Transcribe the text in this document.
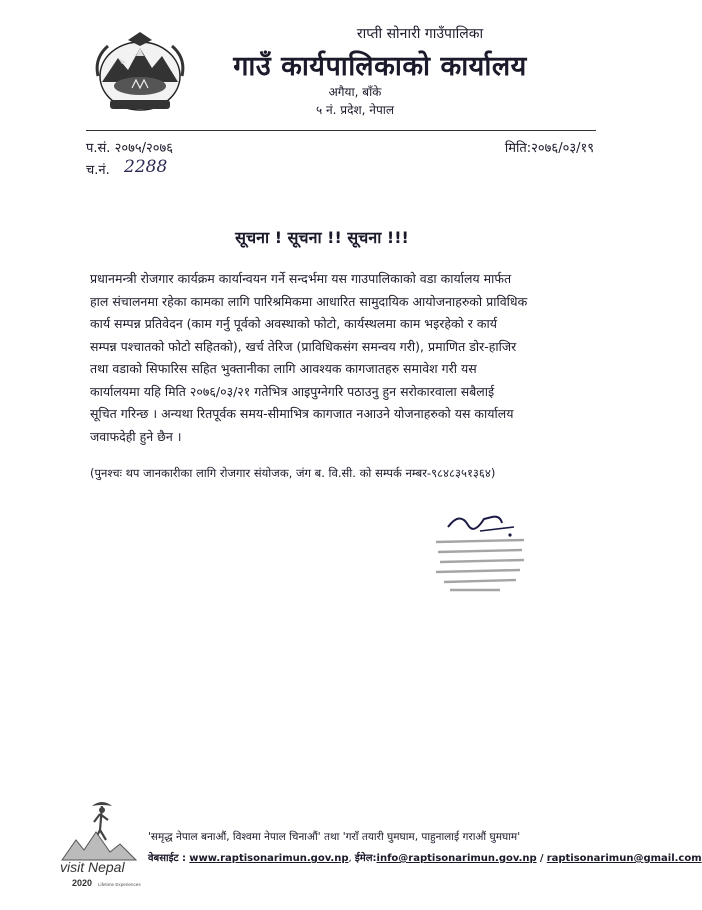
राप्ती सोनारी गाउँपालिका
गाउँ कार्यपालिकाको कार्यालय
अगैया, बाँके
५ नं. प्रदेश, नेपाल
प.सं. २०७५/२०७६	मिति:२०७६/०३/१९
च.नं. 2288
सूचना ! सूचना !! सूचना !!!
प्रधानमन्त्री रोजगार कार्यक्रम कार्यान्वयन गर्ने सन्दर्भमा यस गाउपालिकाको वडा कार्यालय मार्फत
हाल संचालनमा रहेका कामका लागि पारिश्रमिकमा आधारित सामुदायिक आयोजनाहरुको प्राविधिक
कार्य सम्पन्न प्रतिवेदन (काम गर्नु पूर्वको अवस्थाको फोटो, कार्यस्थलमा काम भइरहेको र कार्य
सम्पन्न पश्चातको फोटो सहितको), खर्च तेरिज (प्राविधिकसंग समन्वय गरी), प्रमाणित डोर-हाजिर
तथा वडाको सिफारिस सहित भुक्तानीका लागि आवश्यक कागजातहरु समावेश गरी यस
कार्यालयमा यहि मिति २०७६/०३/२१ गतेभित्र आइपुग्नेगरि पठाउनु हुन सरोकारवाला सबैलाई
सूचित गरिन्छ । अन्यथा रितपूर्वक समय-सीमाभित्र कागजात नआउने योजनाहरुको यस कार्यालय
जवाफदेही हुने छैन ।
(पुनश्चः थप जानकारीका लागि रोजगार संयोजक, जंग ब. वि.सी. को सम्पर्क नम्बर-९८४८३५१३६४)
visit Nepal
2020 Lifetime Experiences
'समृद्ध नेपाल बनाऔं, विश्वमा नेपाल चिनाऔं' तथा 'गराँ तयारी घुमघाम, पाहुनालाई गराऔं घुमघाम'
वेबसाईट : www.raptisonarimun.gov.np, ईमेल:info@raptisonarimun.gov.np / raptisonarimun@gmail.com
